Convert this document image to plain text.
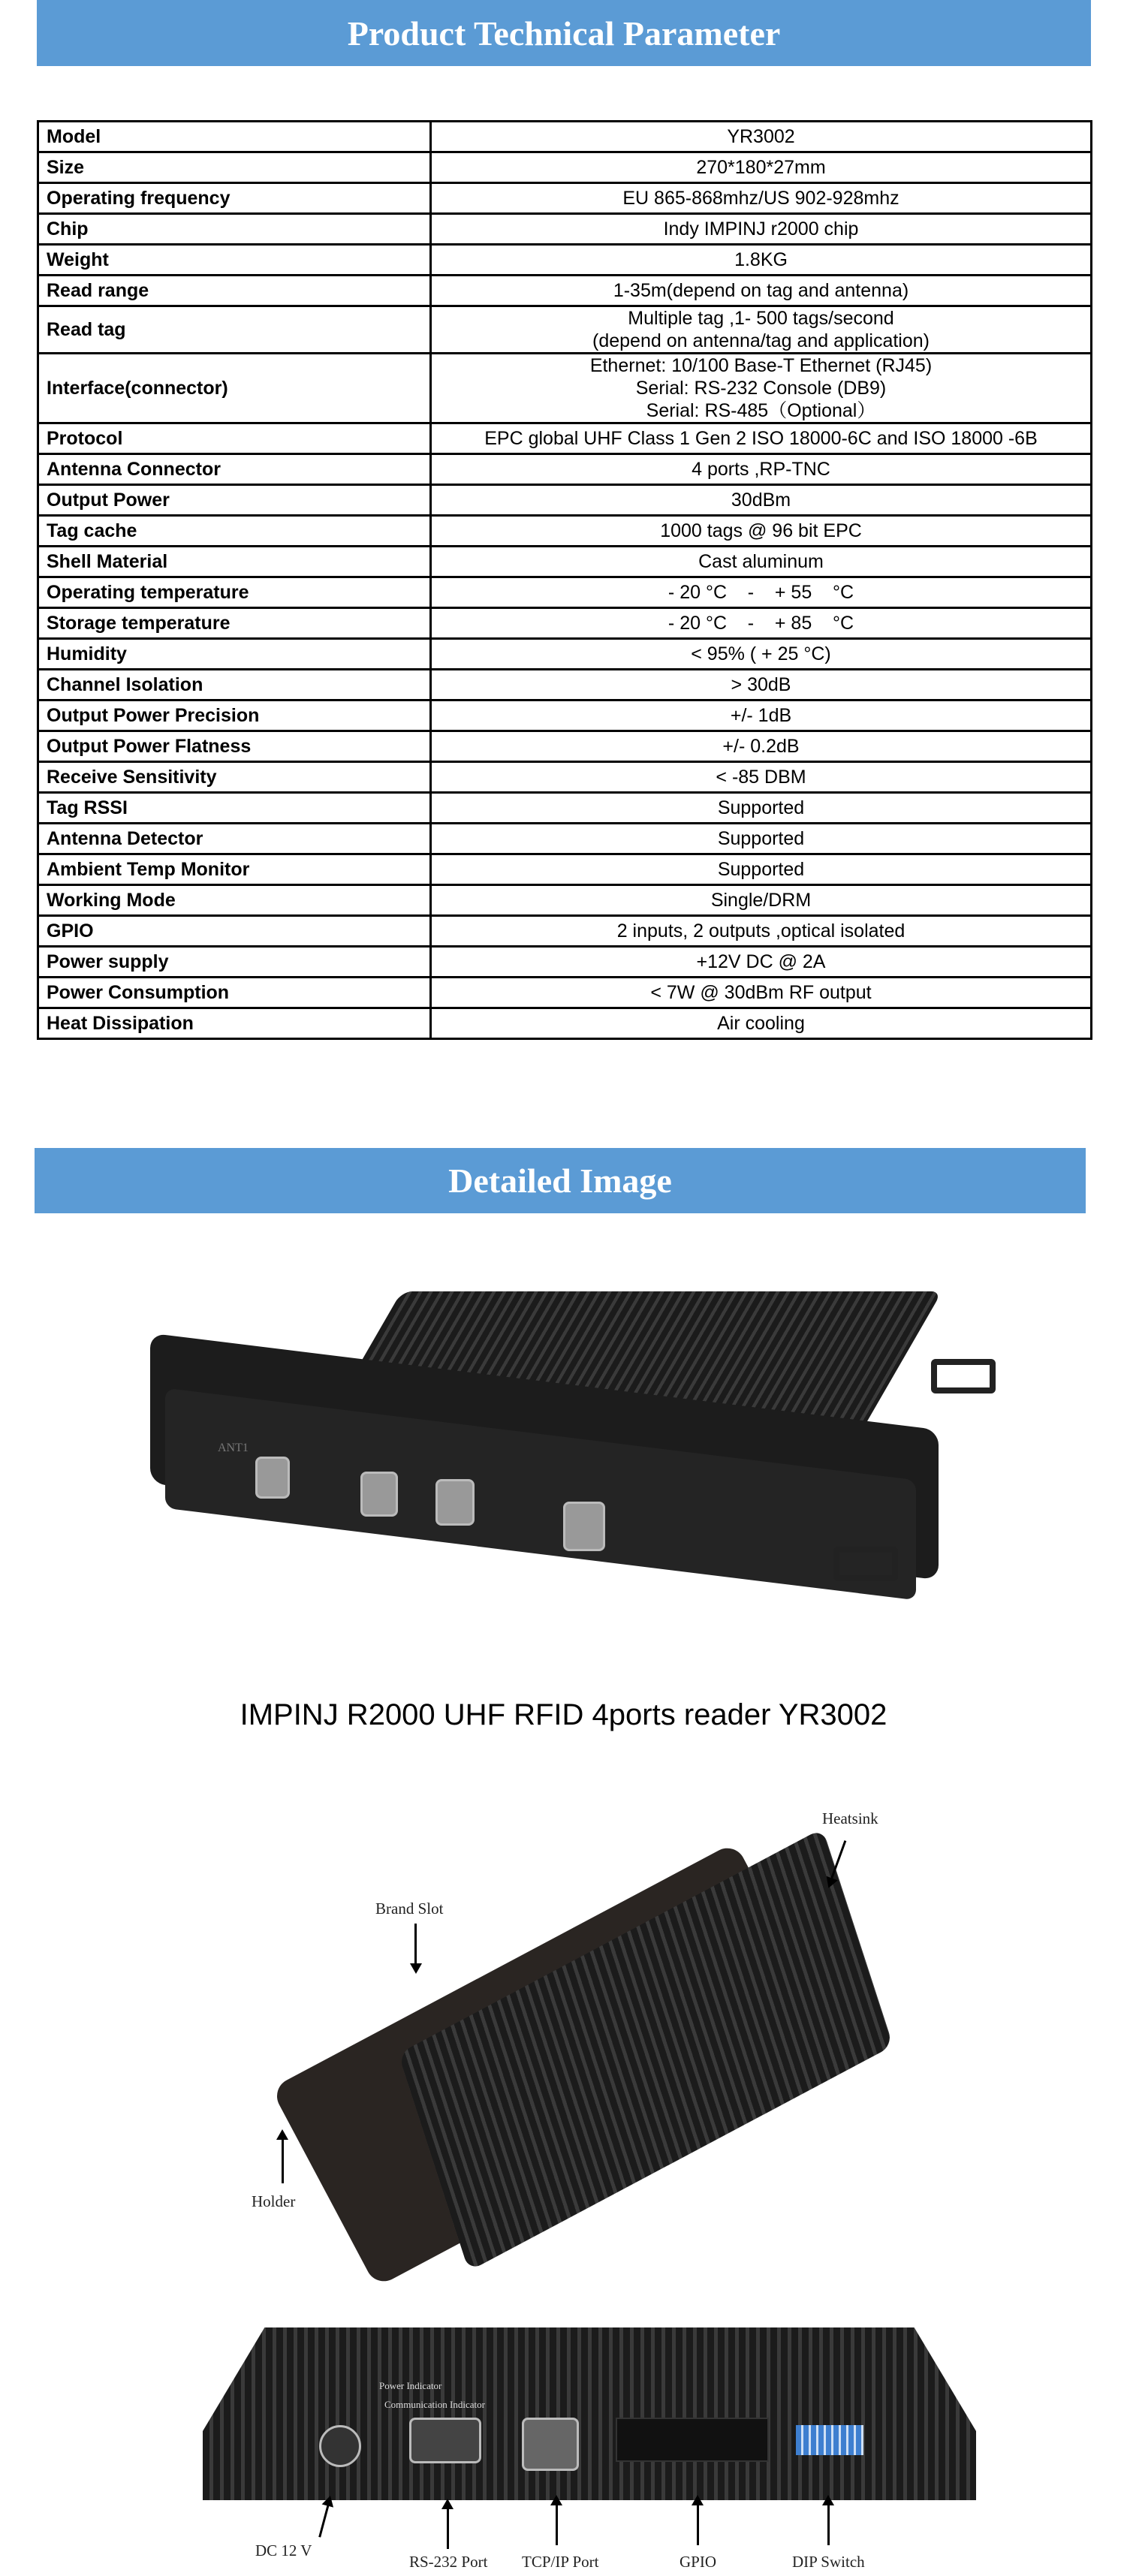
Product Technical Parameter
Model	YR3002

Size	270*180*27mm

Operating frequency	EU 865-868mhz/US 902-928mhz

Chip	Indy IMPINJ r2000 chip

Weight	1.8KG

Read range	1-35m(depend on tag and antenna)

Read tag	Multiple tag ,1- 500 tags/second
(depend on antenna/tag and application)

Interface(connector)	Ethernet: 10/100 Base-T Ethernet (RJ45)
Serial: RS-232 Console (DB9)
Serial: RS-485（Optional）

Protocol	EPC global UHF Class 1 Gen 2 ISO 18000-6C and ISO 18000 -6B

Antenna Connector	4 ports ,RP-TNC

Output Power	30dBm

Tag cache	1000 tags @ 96 bit EPC

Shell Material	Cast aluminum

Operating temperature	- 20 °C    -    + 55    °C

Storage temperature	- 20 °C    -    + 85    °C

Humidity	< 95% ( + 25 °C)

Channel Isolation	> 30dB

Output Power Precision	+/- 1dB

Output Power Flatness	+/- 0.2dB

Receive Sensitivity	< -85 DBM

Tag RSSI	Supported

Antenna Detector	Supported

Ambient Temp Monitor	Supported

Working Mode	Single/DRM

GPIO	2 inputs, 2 outputs ,optical isolated

Power supply	+12V DC @ 2A

Power Consumption	< 7W @ 30dBm RF output

Heat Dissipation	Air cooling
Detailed Image
ANT1
IMPINJ R2000 UHF RFID 4ports reader YR3002
Brand Slot
Heatsink
Holder
Power Indicator
Communication Indicator
DC 12 V
RS-232 Port TCP/IP Port	GPIO	DIP Switch
